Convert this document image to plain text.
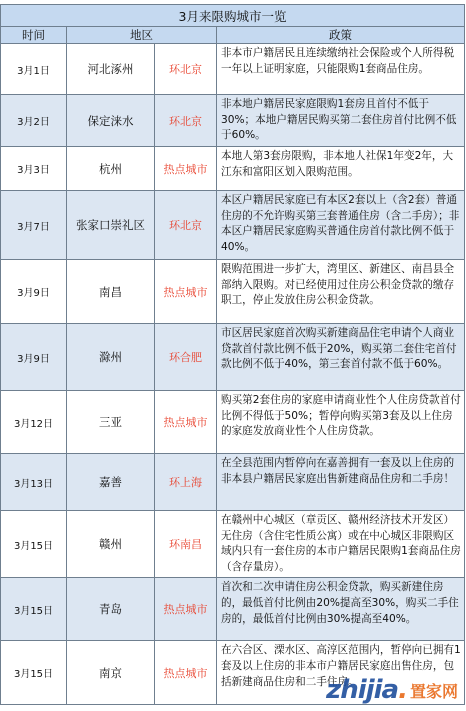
3月来限购城市一览			
时间	地区		政策
3月1日	河北涿州	环北京	非本市户籍居民且连续缴纳社会保险或个人所得税一年以上证明家庭，只能限购1套商品住房。
3月2日	保定涞水	环北京	非本地户籍居民家庭限购1套房且首付不低于30%；本地户籍居民购买第二套住房首付比例不低于60%。
3月3日	杭州	热点城市	本地人第3套房限购，非本地人社保1年变2年，大江东和富阳区划入限购范围。
3月7日	张家口崇礼区	环北京	本区户籍居民家庭已有本区2套以上（含2套）普通住房的不允许购买第三套普通住房（含二手房）；非本区户籍居民家庭购买普通住房首付款比例不低于40%。
3月9日	南昌	热点城市	限购范围进一步扩大，湾里区、新建区、南昌县全部纳入限购。对已经使用过住房公积金贷款的缴存职工，停止发放住房公积金贷款。
3月9日	滁州	环合肥	市区居民家庭首次购买新建商品住宅申请个人商业贷款首付款比例不低于20%，购买第二套住宅首付款比例不低于40%，第三套首付款不低于60%。
3月12日	三亚	热点城市	购买第2套住房的家庭申请商业性个人住房贷款首付比例不得低于50%；暂停向购买第3套及以上住房的家庭发放商业性个人住房贷款。
3月13日	嘉善	环上海	在全县范围内暂停向在嘉善拥有一套及以上住房的非本县户籍居民家庭出售新建商品住房和二手房！
3月15日	赣州	环南昌	在赣州中心城区（章贡区、赣州经济技术开发区）无住房（含住宅性质公寓）或在中心城区非限购区域内只有一套住房的本市户籍居民限购1套商品住房（含存量房）。
3月15日	青岛	热点城市	首次和二次申请住房公积金贷款，购买新建住房的，最低首付比例由20%提高至30%，购买二手住房的，最低首付比例由30%提高至40%。
3月15日	南京	热点城市	在六合区、溧水区、高淳区范围内，暂停向已拥有1套及以上住房的非本市户籍居民家庭出售住房，包括新建商品住房和二手住房。
zhijia. 置家网
